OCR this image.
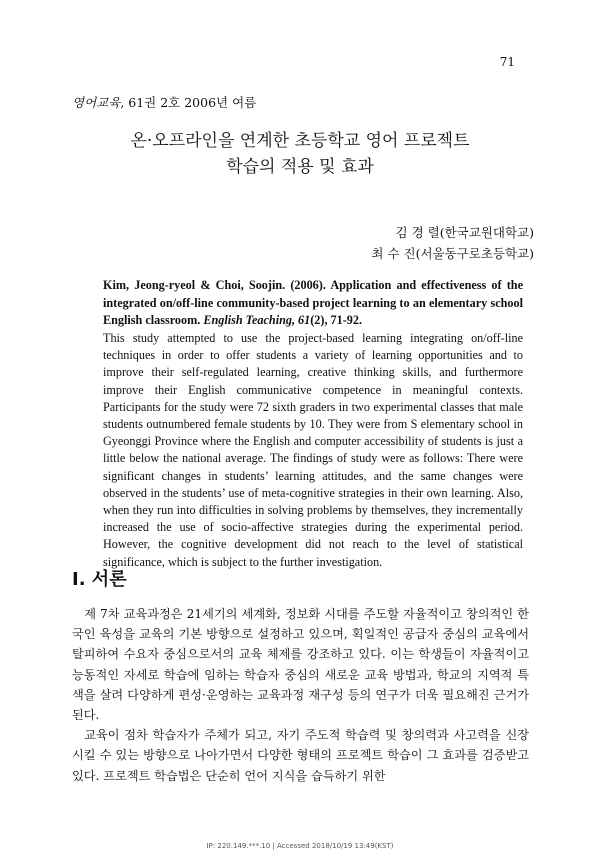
71
영어교육, 61권 2호 2006년 여름
온·오프라인을 연계한 초등학교 영어 프로젝트
학습의 적용 및 효과
김 경 렬(한국교원대학교)
최 수 진(서울동구로초등학교)
Kim, Jeong-ryeol & Choi, Soojin. (2006). Application and effectiveness of the integrated on/off-line community-based project learning to an elementary school English classroom. English Teaching, 61(2), 71-92.
This study attempted to use the project-based learning integrating on/off-line techniques in order to offer students a variety of learning opportunities and to improve their self-regulated learning, creative thinking skills, and furthermore improve their English communicative competence in meaningful contexts. Participants for the study were 72 sixth graders in two experimental classes that male students outnumbered female students by 10. They were from S elementary school in Gyeonggi Province where the English and computer accessibility of students is just a little below the national average. The findings of study were as follows: There were significant changes in students’ learning attitudes, and the same changes were observed in the students’ use of meta-cognitive strategies in their own learning. Also, when they run into difficulties in solving problems by themselves, they incrementally increased the use of socio-affective strategies during the experimental period. However, the cognitive development did not reach to the level of statistical significance, which is subject to the further investigation.
I. 서론

제 7차 교육과정은 21세기의 세계화, 정보화 시대를 주도할 자율적이고 창의적인 한국인 육성을 교육의 기본 방향으로 설정하고 있으며, 획일적인 공급자 중심의 교육에서 탈피하여 수요자 중심으로서의 교육 체제를 강조하고 있다. 이는 학생들이 자율적이고 능동적인 자세로 학습에 임하는 학습자 중심의 새로운 교육 방법과, 학교의 지역적 특색을 살려 다양하게 편성·운영하는 교육과정 재구성 등의 연구가 더욱 필요해진 근거가 된다.

교육이 점차 학습자가 주체가 되고, 자기 주도적 학습력 및 창의력과 사고력을 신장시킬 수 있는 방향으로 나아가면서 다양한 형태의 프로젝트 학습이 그 효과를 검증받고 있다. 프로젝트 학습법은 단순히 언어 지식을 습득하기 위한

IP: 220.149.***.10 | Accessed 2018/10/19 13:49(KST)
